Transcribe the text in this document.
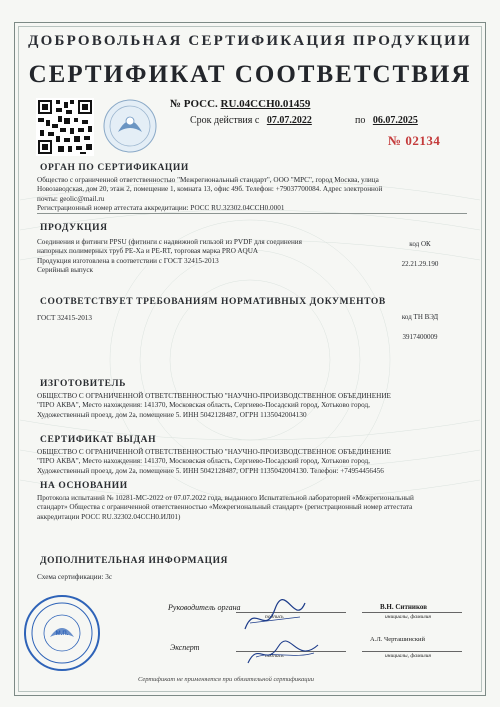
ДОБРОВОЛЬНАЯ СЕРТИФИКАЦИЯ ПРОДУКЦИИ
СЕРТИФИКАТ СООТВЕТСТВИЯ
№ РОСС. RU.04ССН0.01459
Срок действия с 07.07.2022	по 06.07.2025
№ 02134
ОРГАН ПО СЕРТИФИКАЦИИ
Общество с ограниченной ответственностью "Межрегиональный стандарт", ООО "МРС", город Москва, улица
Новозаводская, дом 20, этаж 2, помещение 1, комната 13, офис 49б. Телефон: +79037700084. Адрес электронной
почты: geolic@mail.ru
Регистрационный номер аттестата аккредитации: РОСС RU.32302.04ССН0.0001
ПРОДУКЦИЯ
Соединения и фитинги PPSU (фитинги с надвижной гильзой из PVDF для соединения
напорных полимерных труб PE-Xa и PE-RT, торговая марка PRO AQUA
Продукция изготовлена в соответствии с ГОСТ 32415-2013
Серийный выпуск
код ОК
22.21.29.190
СООТВЕТСТВУЕТ ТРЕБОВАНИЯМ НОРМАТИВНЫХ ДОКУМЕНТОВ
ГОСТ 32415-2013	код ТН ВЭД
3917400009
ИЗГОТОВИТЕЛЬ
ОБЩЕСТВО С ОГРАНИЧЕННОЙ ОТВЕТСТВЕННОСТЬЮ "НАУЧНО-ПРОИЗВОДСТВЕННОЕ ОБЪЕДИНЕНИЕ
"ПРО АКВА", Место нахождения: 141370, Московская область, Сергиево-Посадский город, Хотьково город,
Художественный проезд, дом 2а, помещение 5. ИНН 5042128487, ОГРН 1135042004130
СЕРТИФИКАТ ВЫДАН
ОБЩЕСТВО С ОГРАНИЧЕННОЙ ОТВЕТСТВЕННОСТЬЮ "НАУЧНО-ПРОИЗВОДСТВЕННОЕ ОБЪЕДИНЕНИЕ
"ПРО АКВА", Место нахождения: 141370, Московская область, Сергиево-Посадский город, Хотьково город,
Художественный проезд, дом 2а, помещение 5. ИНН 5042128487, ОГРН 1135042004130. Телефон: +74954456456
НА ОСНОВАНИИ
Протокола испытаний № 10281-МС-2022 от 07.07.2022 года, выданного Испытательной лабораторией «Межрегиональный
стандарт» Общества с ограниченной ответственностью «Межрегиональный стандарт» (регистрационный номер аттестата
аккредитации РОСС RU.32302.04ССН0.ИЛ01)
ДОПОЛНИТЕЛЬНАЯ ИНФОРМАЦИЯ
Схема сертификации: 3с
М.П.
Руководитель органа
подпись
В.Н. Ситников
инициалы, фамилия
Эксперт
подпись
А.Л. Черташинский
инициалы, фамилия
Сертификат не применяется при обязательной сертификации
